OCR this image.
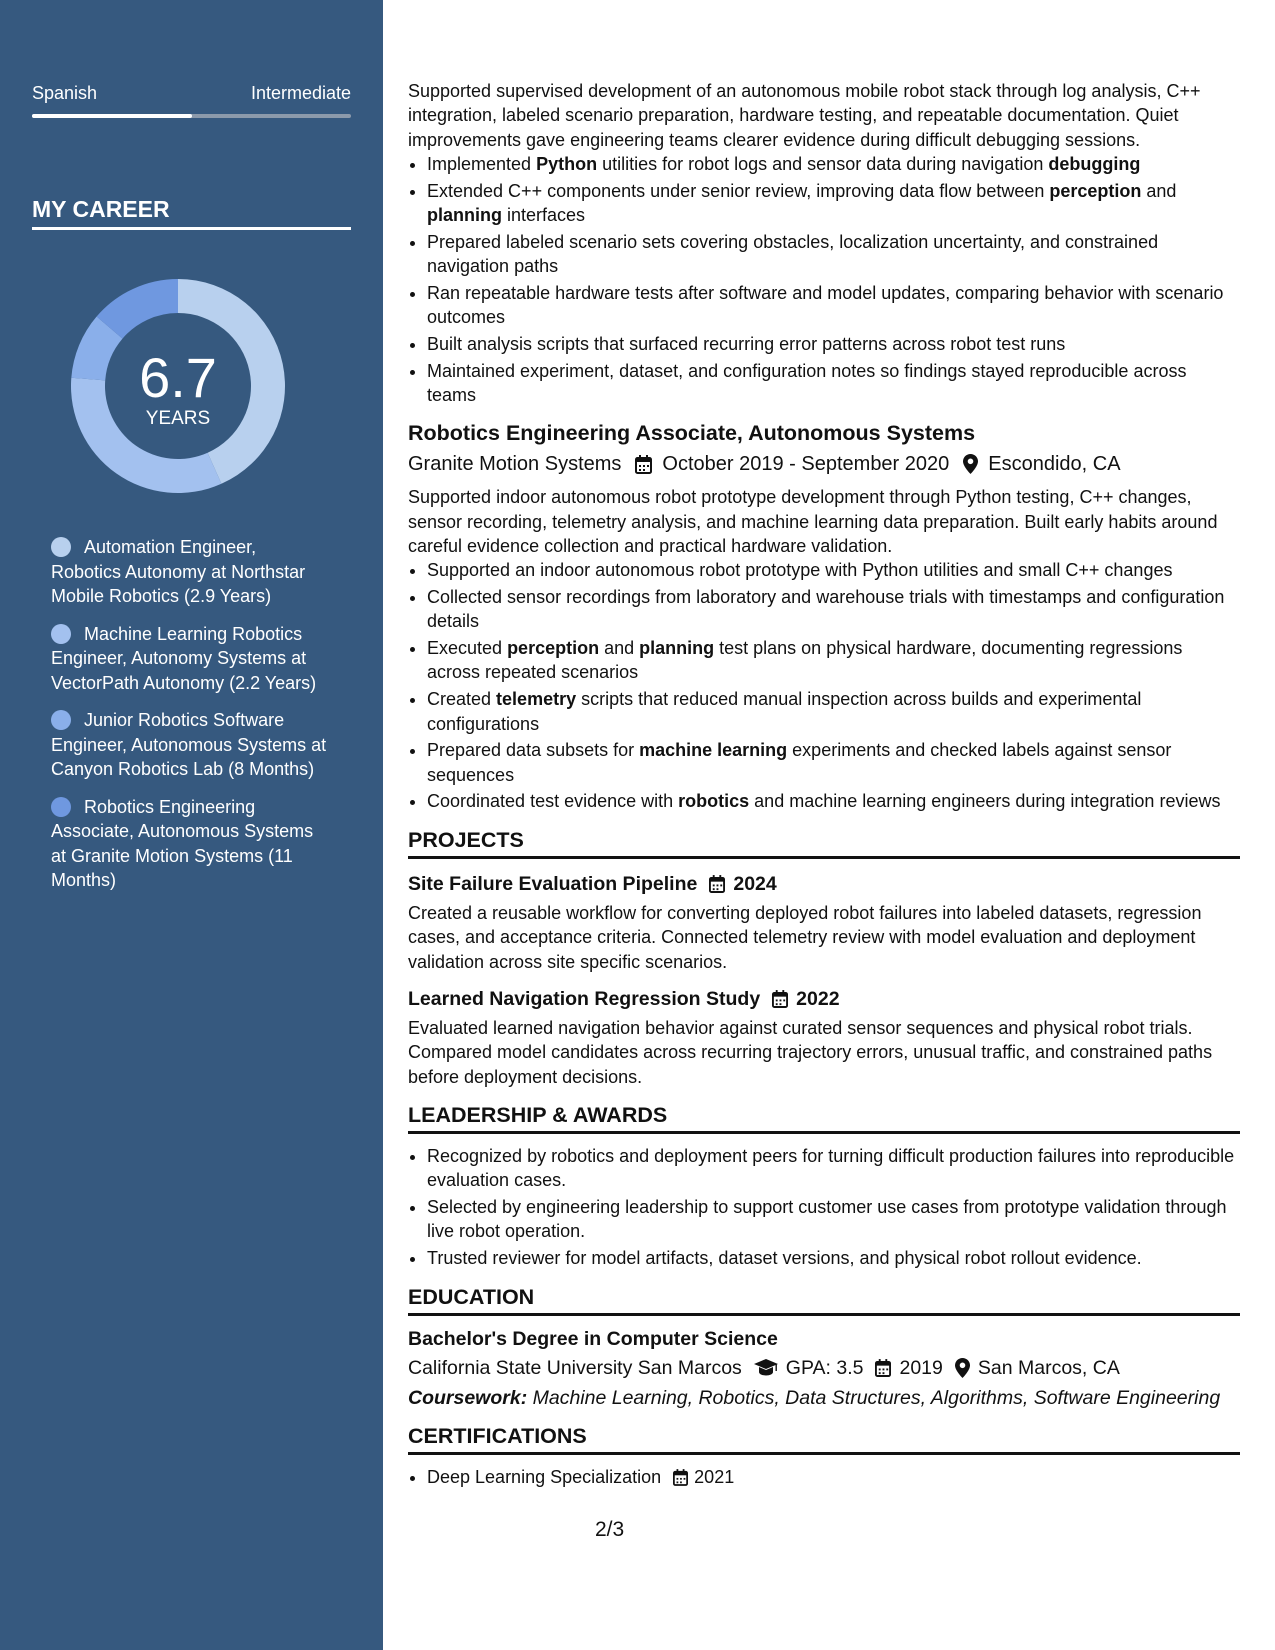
Spanish	Intermediate
MY CAREER
6.7
YEARS
Automation Engineer, Robotics Autonomy at Northstar Mobile Robotics (2.9 Years)
Machine Learning Robotics Engineer, Autonomy Systems at VectorPath Autonomy (2.2 Years)
Junior Robotics Software Engineer, Autonomous Systems at Canyon Robotics Lab (8 Months)
Robotics Engineering Associate, Autonomous Systems at Granite Motion Systems (11 Months)

Supported supervised development of an autonomous mobile robot stack through log analysis, C++ integration, labeled scenario preparation, hardware testing, and repeatable documentation. Quiet improvements gave engineering teams clearer evidence during difficult debugging sessions.

• Implemented Python utilities for robot logs and sensor data during navigation debugging
• Extended C++ components under senior review, improving data flow between perception and planning interfaces
• Prepared labeled scenario sets covering obstacles, localization uncertainty, and constrained navigation paths
• Ran repeatable hardware tests after software and model updates, comparing behavior with scenario outcomes
• Built analysis scripts that surfaced recurring error patterns across robot test runs
• Maintained experiment, dataset, and configuration notes so findings stayed reproducible across teams
Robotics Engineering Associate, Autonomous Systems
Granite Motion Systems October 2019 - September 2020 Escondido, CA

Supported indoor autonomous robot prototype development through Python testing, C++ changes, sensor recording, telemetry analysis, and machine learning data preparation. Built early habits around careful evidence collection and practical hardware validation.

• Supported an indoor autonomous robot prototype with Python utilities and small C++ changes
• Collected sensor recordings from laboratory and warehouse trials with timestamps and configuration details
• Executed perception and planning test plans on physical hardware, documenting regressions across repeated scenarios
• Created telemetry scripts that reduced manual inspection across builds and experimental configurations
• Prepared data subsets for machine learning experiments and checked labels against sensor sequences
• Coordinated test evidence with robotics and machine learning engineers during integration reviews
PROJECTS
Site Failure Evaluation Pipeline 2024

Created a reusable workflow for converting deployed robot failures into labeled datasets, regression cases, and acceptance criteria. Connected telemetry review with model evaluation and deployment validation across site specific scenarios.

Learned Navigation Regression Study 2022

Evaluated learned navigation behavior against curated sensor sequences and physical robot trials. Compared model candidates across recurring trajectory errors, unusual traffic, and constrained paths before deployment decisions.

LEADERSHIP & AWARDS
• Recognized by robotics and deployment peers for turning difficult production failures into reproducible evaluation cases.
• Selected by engineering leadership to support customer use cases from prototype validation through live robot operation.
• Trusted reviewer for model artifacts, dataset versions, and physical robot rollout evidence.
EDUCATION
Bachelor's Degree in Computer Science
California State University San Marcos GPA: 3.5 2019 San Marcos, CA
Coursework: Machine Learning, Robotics, Data Structures, Algorithms, Software Engineering
CERTIFICATIONS
• Deep Learning Specialization 2021
2/3
